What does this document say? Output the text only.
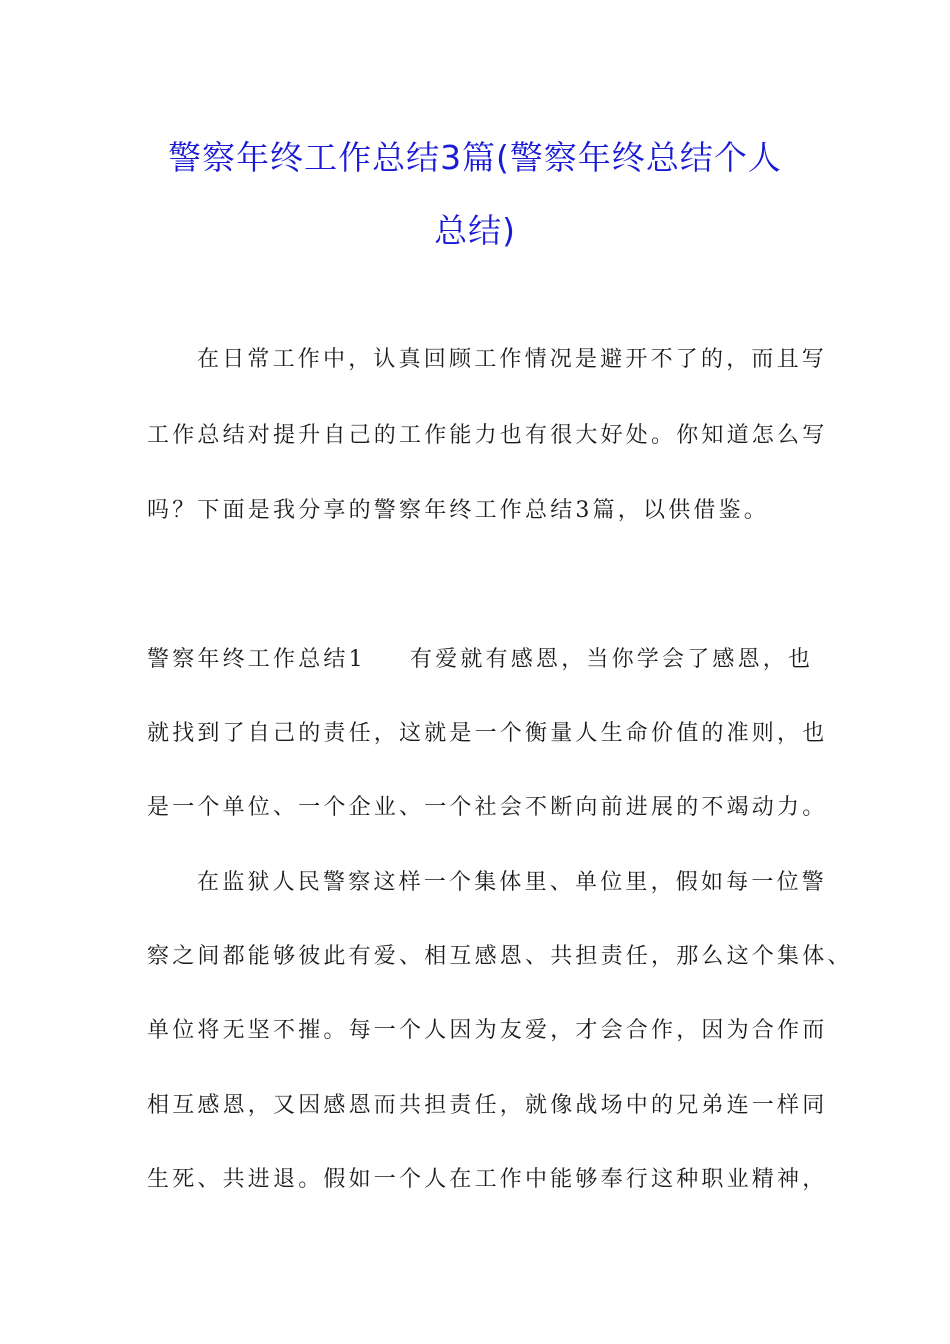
警察年终工作总结3篇(警察年终总结个人
总结)
在日常工作中，认真回顾工作情况是避开不了的，而且写
工作总结对提升自己的工作能力也有很大好处。你知道怎么写
吗？下面是我分享的警察年终工作总结3篇，以供借鉴。
警察年终工作总结1 有爱就有感恩，当你学会了感恩，也
就找到了自己的责任，这就是一个衡量人生命价值的准则，也
是一个单位、一个企业、一个社会不断向前进展的不竭动力。
在监狱人民警察这样一个集体里、单位里，假如每一位警
察之间都能够彼此有爱、相互感恩、共担责任，那么这个集体、
单位将无坚不摧。每一个人因为友爱，才会合作，因为合作而
相互感恩，又因感恩而共担责任，就像战场中的兄弟连一样同
生死、共进退。假如一个人在工作中能够奉行这种职业精神，
